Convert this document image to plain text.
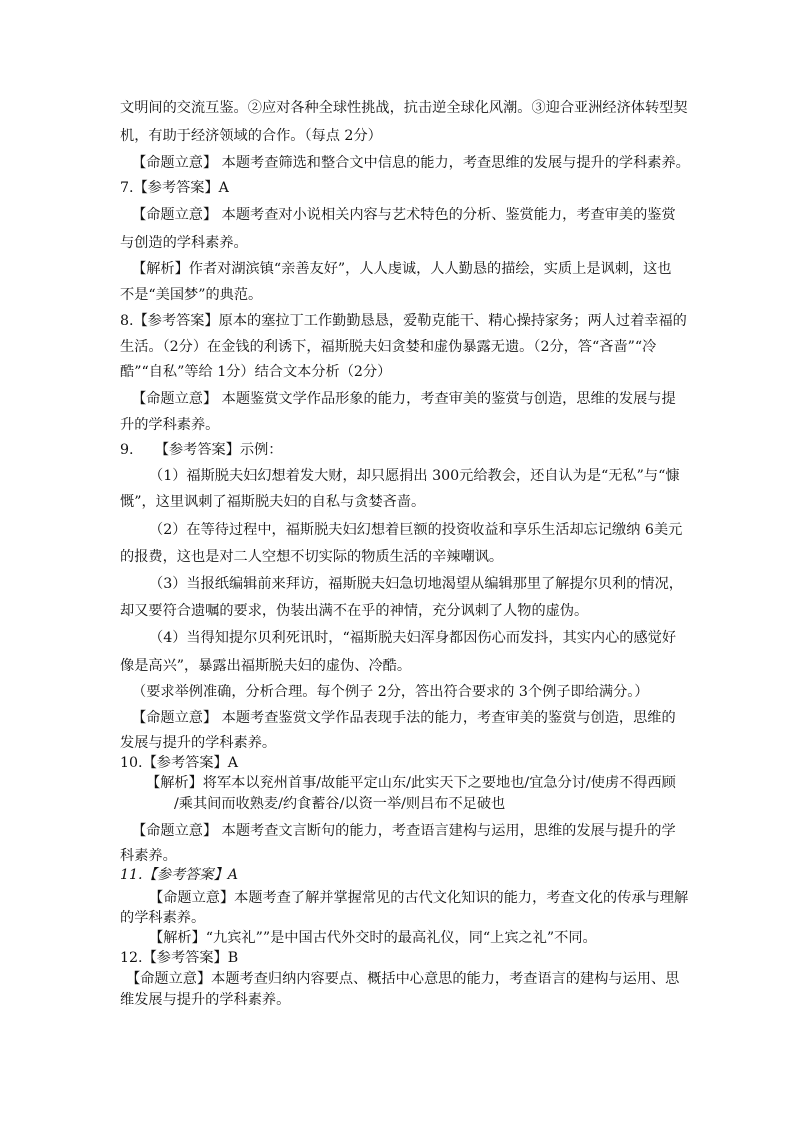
文明间的交流互鉴。②应对各种全球性挑战，抗击逆全球化风潮。③迎合亚洲经济体转型契
机，有助于经济领域的合作。（每点 2分）
【命题立意】 本题考查筛选和整合文中信息的能力，考查思维的发展与提升的学科素养。
7.【参考答案】A
【命题立意】 本题考查对小说相关内容与艺术特色的分析、鉴赏能力，考查审美的鉴赏
与创造的学科素养。
【解析】作者对湖滨镇“亲善友好”，人人虔诚，人人勤恳的描绘，实质上是讽刺，这也
不是“美国梦”的典范。
8.【参考答案】原本的塞拉丁工作勤勤恳恳，爱勒克能干、精心操持家务；两人过着幸福的
生活。（2分）在金钱的利诱下，福斯脱夫妇贪婪和虚伪暴露无遗。（2分，答“吝啬”“冷
酷”“自私”等给 1分）结合文本分析（2分）
【命题立意】 本题鉴赏文学作品形象的能力，考查审美的鉴赏与创造，思维的发展与提
升的学科素养。
9.　　【参考答案】示例：
（1）福斯脱夫妇幻想着发大财，却只愿捐出 300元给教会，还自认为是“无私”与“慷
慨”，这里讽刺了福斯脱夫妇的自私与贪婪吝啬。
（2）在等待过程中，福斯脱夫妇幻想着巨额的投资收益和享乐生活却忘记缴纳 6美元
的报费，这也是对二人空想不切实际的物质生活的辛辣嘲讽。
（3）当报纸编辑前来拜访，福斯脱夫妇急切地渴望从编辑那里了解提尔贝利的情况，
却又要符合遗嘱的要求，伪装出满不在乎的神情，充分讽刺了人物的虚伪。
（4）当得知提尔贝利死讯时，“福斯脱夫妇浑身都因伤心而发抖，其实内心的感觉好
像是高兴”，暴露出福斯脱夫妇的虚伪、冷酷。
（要求举例准确，分析合理。每个例子 2分，答出符合要求的 3个例子即给满分。）
【命题立意】 本题考查鉴赏文学作品表现手法的能力，考查审美的鉴赏与创造，思维的
发展与提升的学科素养。
10.【参考答案】A
【解析】将军本以兖州首事/故能平定山东/此实天下之要地也/宜急分讨/使虏不得西顾
/乘其间而收熟麦/约食蓄谷/以资一举/则吕布不足破也
【命题立意】 本题考查文言断句的能力，考查语言建构与运用，思维的发展与提升的学
科素养。
11.【参考答案】A
【命题立意】本题考查了解并掌握常见的古代文化知识的能力，考查文化的传承与理解
的学科素养。
【解析】“九宾礼””是中国古代外交时的最高礼仪，同“上宾之礼”不同。
12.【参考答案】B
【命题立意】本题考查归纳内容要点、概括中心意思的能力，考查语言的建构与运用、思
维发展与提升的学科素养。
